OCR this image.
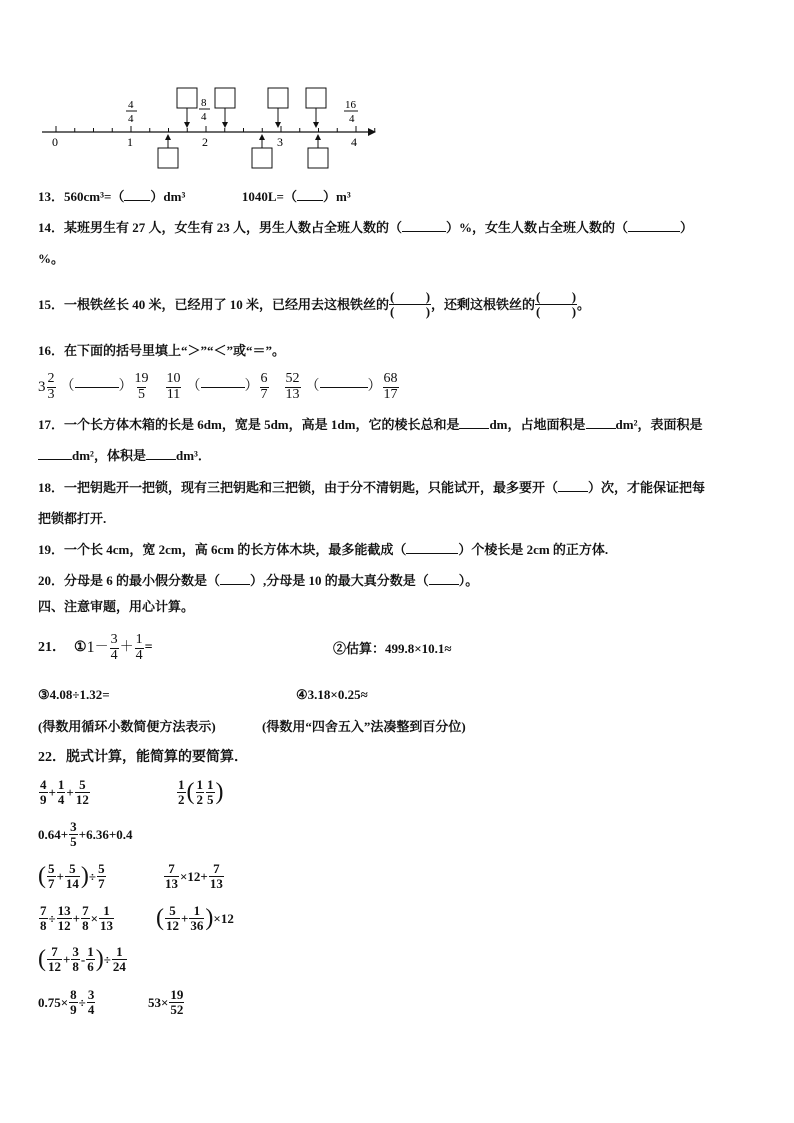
0	1	2	3	4
4
4
8
4
16
4
13．560cm³=（ ）dm³	1040L=（ ）m³
14．某班男生有 27 人，女生有 23 人，男生人数占全班人数的（	）%，女生人数占全班人数的（	）
%。
15． 一根铁丝长 40 米，已经用了 10 米，已经用去这根铁丝的 $\frac{( )}{( )}$ ，还剩这根铁丝的 $\frac{( )}{( )}$ 。
16．在下面的括号里填上“＞”“＜”或“＝”。
$3 \frac{2}{3}$ （	） $\frac{19}{5} \frac{10}{11}$ （	） $\frac{6}{7} \frac{52}{13}$ （	） $\frac{68}{17}$
17．一个长方体木箱的长是 6dm，宽是 5dm，高是 1dm，它的棱长总和是 dm，占地面积是 dm²，表面积是
dm²，体积是 dm³．
18．一把钥匙开一把锁，现有三把钥匙和三把锁，由于分不清钥匙，只能试开，最多要开（ ）次，才能保证把每
把锁都打开.
19．一个长 4cm，宽 2cm，高 6cm 的长方体木块，最多能截成（	）个棱长是 2cm 的正方体.
20．分母是 6 的最小假分数是（ ）,分母是 10 的最大真分数是（ ）。
四、注意审题，用心计算。
21． ① $1 - \frac{3}{4} + \frac{1}{4}$ =	②估算：499.8×10.1≈
③4.08÷1.32=	④3.18×0.25≈
(得数用循环小数简便方法表示)	(得数用“四舍五入”法凑整到百分位)
22．脱式计算，能简算的要简算．
$\frac{4}{9} + \frac{1}{4} + \frac{5}{12}$	$\frac{1}{2}$ ( $\frac{1}{2} \frac{1}{5}$ )
$0.64+ \frac{3}{5} +6.36+0.4$
( $\frac{5}{7} + \frac{5}{14}$ ) ÷ $\frac{5}{7}$	$\frac{7}{13} \times 12+ \frac{7}{13}$
$\frac{7}{8} \div \frac{13}{12} + \frac{7}{8} \times \frac{1}{13}$ ( $\frac{5}{12} + \frac{1}{36}$ ) ×12
( $\frac{7}{12} + \frac{3}{8} - \frac{1}{6}$ ) ÷ $\frac{1}{24}$
$0.75\times \frac{8}{9} \div \frac{3}{4}$	$53\times \frac{19}{52}$
